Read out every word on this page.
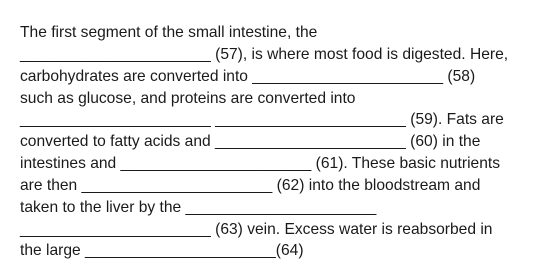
The first segment of the small intestine, the

______________________ (57), is where most food is digested. Here,

carbohydrates are converted into ______________________ (58)

such as glucose, and proteins are converted into

______________________ ______________________ (59). Fats are

converted to fatty acids and ______________________ (60) in the

intestines and ______________________ (61). These basic nutrients

are then ______________________ (62) into the bloodstream and

taken to the liver by the ______________________

______________________ (63) vein. Excess water is reabsorbed in

the large ______________________(64)
